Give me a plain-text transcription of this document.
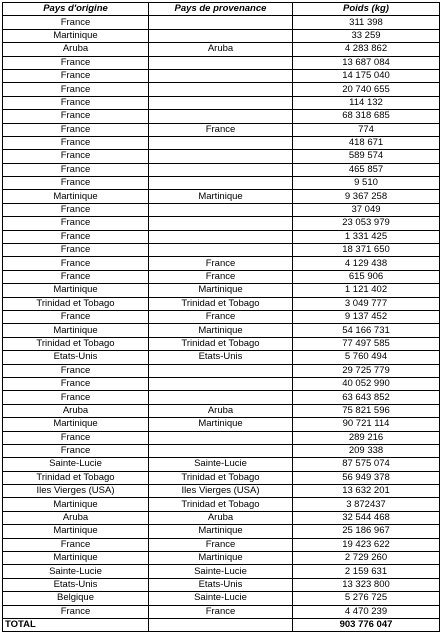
Pays d'origine	Pays de provenance	Poids (kg)
France		311 398
Martinique		33 259
Aruba	Aruba	4 283 862
France		13 687 084
France		14 175 040
France		20 740 655
France		114 132
France		68 318 685
France	France	774
France		418 671
France		589 574
France		465 857
France		9 510
Martinique	Martinique	9 367 258
France		37 049
France		23 053 979
France		1 331 425
France		18 371 650
France	France	4 129 438
France	France	615 906
Martinique	Martinique	1 121 402
Trinidad et Tobago	Trinidad et Tobago	3 049 777
France	France	9 137 452
Martinique	Martinique	54 166 731
Trinidad et Tobago	Trinidad et Tobago	77 497 585
Etats-Unis	Etats-Unis	5 760 494
France		29 725 779
France		40 052 990
France		63 643 852
Aruba	Aruba	75 821 596
Martinique	Martinique	90 721 114
France		289 216
France		209 338
Sainte-Lucie	Sainte-Lucie	87 575 074
Trinidad et Tobago	Trinidad et Tobago	56 949 378
Iles Vierges (USA)	Iles Vierges (USA)	13 632 201
Martinique	Trinidad et Tobago	3 872437
Aruba	Aruba	32 544 468
Martinique	Martinique	25 186 967
France	France	19 423 622
Martinique	Martinique	2 729 260
Sainte-Lucie	Sainte-Lucie	2 159 631
Etats-Unis	Etats-Unis	13 323 800
Belgique	Sainte-Lucie	5 276 725
France	France	4 470 239
TOTAL		903 776 047
